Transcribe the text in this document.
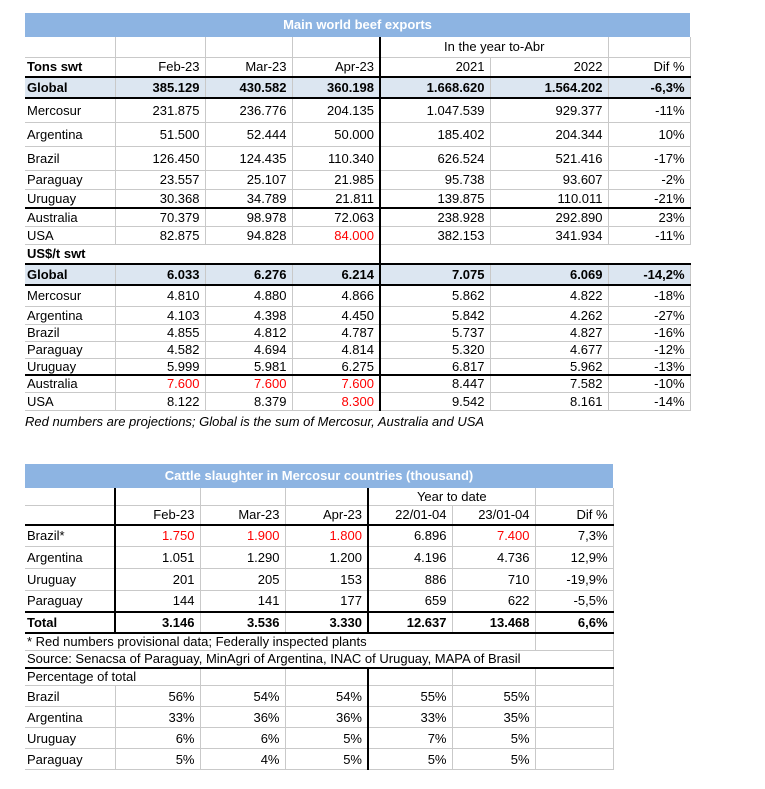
Main world beef exports
				In the year to-Abr		
Tons swt	Feb-23	Mar-23	Apr-23	2021	2022	Dif %
Global	385.129	430.582	360.198	1.668.620	1.564.202	-6,3%
Mercosur	231.875	236.776	204.135	1.047.539	929.377	-11%
Argentina	51.500	52.444	50.000	185.402	204.344	10%
Brazil	126.450	124.435	110.340	626.524	521.416	-17%
Paraguay	23.557	25.107	21.985	95.738	93.607	-2%
Uruguay	30.368	34.789	21.811	139.875	110.011	-21%
Australia	70.379	98.978	72.063	238.928	292.890	23%
USA	82.875	94.828	84.000	382.153	341.934	-11%
US$/t swt						
Global	6.033	6.276	6.214	7.075	6.069	-14,2%
Mercosur	4.810	4.880	4.866	5.862	4.822	-18%
Argentina	4.103	4.398	4.450	5.842	4.262	-27%
Brazil	4.855	4.812	4.787	5.737	4.827	-16%
Paraguay	4.582	4.694	4.814	5.320	4.677	-12%
Uruguay	5.999	5.981	6.275	6.817	5.962	-13%
Australia	7.600	7.600	7.600	8.447	7.582	-10%
USA	8.122	8.379	8.300	9.542	8.161	-14%
Red numbers are projections; Global is the sum of Mercosur, Australia and USA
Cattle slaughter in Mercosur countries (thousand)
				Year to date		
	Feb-23	Mar-23	Apr-23	22/01-04	23/01-04	Dif %
Brazil*	1.750	1.900	1.800	6.896	7.400	7,3%
Argentina	1.051	1.290	1.200	4.196	4.736	12,9%
Uruguay	201	205	153	886	710	-19,9%
Paraguay	144	141	177	659	622	-5,5%
Total	3.146	3.536	3.330	12.637	13.468	6,6%
* Red numbers provisional data; Federally inspected plants						
Source: Senacsa of Paraguay, MinAgri of Argentina, INAC of Uruguay, MAPA of Brasil						
Percentage of total						
Brazil	56%	54%	54%	55%	55%	
Argentina	33%	36%	36%	33%	35%	
Uruguay	6%	6%	5%	7%	5%	
Paraguay	5%	4%	5%	5%	5%	
